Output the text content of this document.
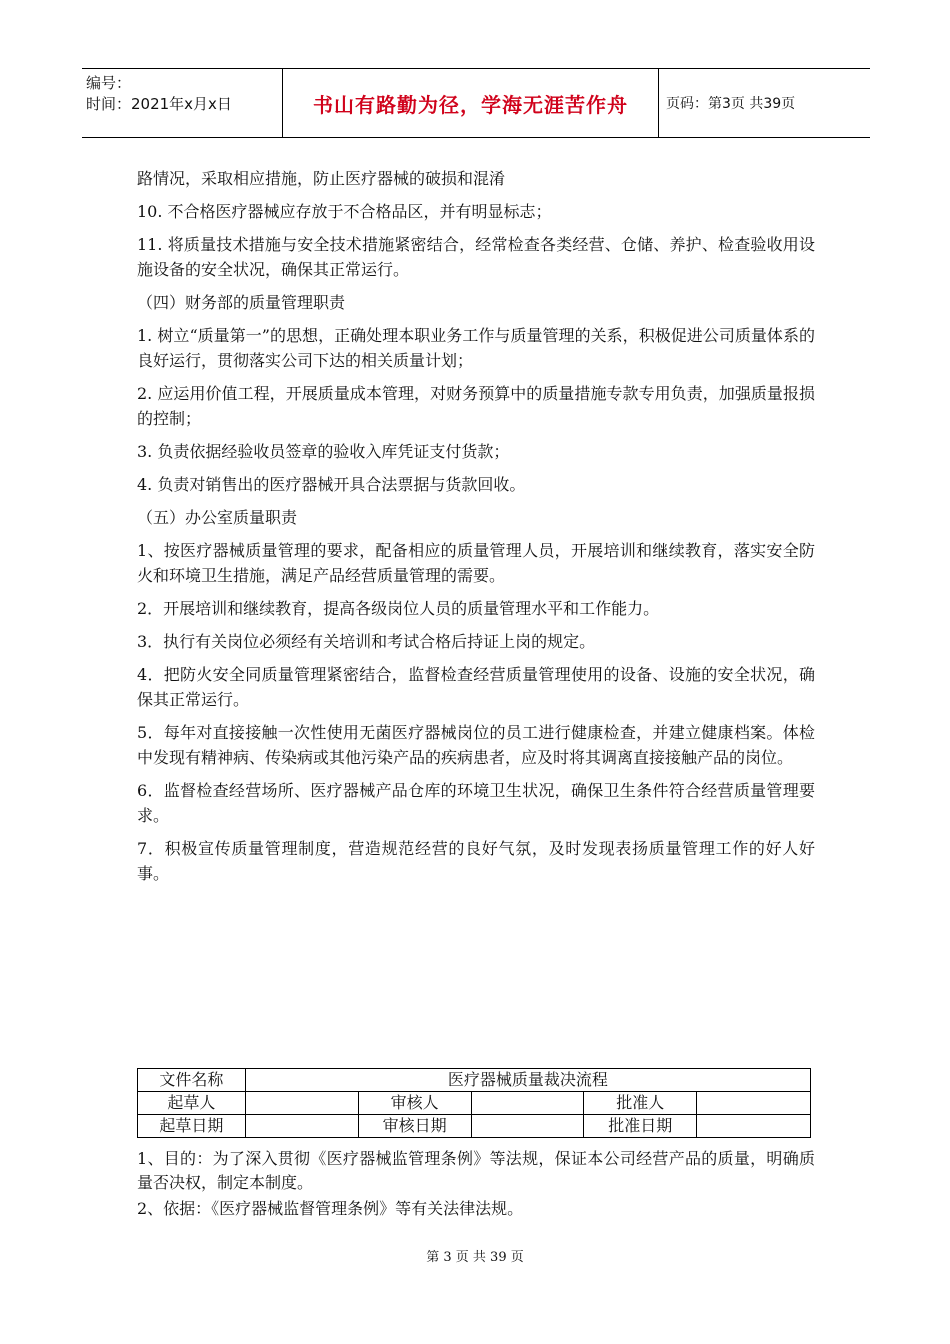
编号：
时间：2021年x月x日	书山有路勤为径，学海无涯苦作舟	页码：第3页 共39页

路情况，采取相应措施，防止医疗器械的破损和混淆

10. 不合格医疗器械应存放于不合格品区，并有明显标志；

11. 将质量技术措施与安全技术措施紧密结合，经常检查各类经营、仓储、养护、检查验收用设施设备的安全状况，确保其正常运行。

（四）财务部的质量管理职责

1. 树立“质量第一”的思想，正确处理本职业务工作与质量管理的关系，积极促进公司质量体系的良好运行，贯彻落实公司下达的相关质量计划；

2. 应运用价值工程，开展质量成本管理，对财务预算中的质量措施专款专用负责，加强质量报损的控制；

3. 负责依据经验收员签章的验收入库凭证支付货款；

4. 负责对销售出的医疗器械开具合法票据与货款回收。

（五）办公室质量职责

1、按医疗器械质量管理的要求，配备相应的质量管理人员，开展培训和继续教育，落实安全防火和环境卫生措施，满足产品经营质量管理的需要。

2．开展培训和继续教育，提高各级岗位人员的质量管理水平和工作能力。

3．执行有关岗位必须经有关培训和考试合格后持证上岗的规定。

4．把防火安全同质量管理紧密结合，监督检查经营质量管理使用的设备、设施的安全状况，确保其正常运行。

5．每年对直接接触一次性使用无菌医疗器械岗位的员工进行健康检查，并建立健康档案。体检中发现有精神病、传染病或其他污染产品的疾病患者，应及时将其调离直接接触产品的岗位。

6．监督检查经营场所、医疗器械产品仓库的环境卫生状况，确保卫生条件符合经营质量管理要求。

7．积极宣传质量管理制度，营造规范经营的良好气氛，及时发现表扬质量管理工作的好人好事。

文件名称	医疗器械质量裁决流程				
起草人		审核人		批准人	
起草日期		审核日期		批准日期	

1、目的：为了深入贯彻《医疗器械监管理条例》等法规，保证本公司经营产品的质量，明确质量否决权，制定本制度。

2、依据：《医疗器械监督管理条例》等有关法律法规。

第 3 页 共 39 页
